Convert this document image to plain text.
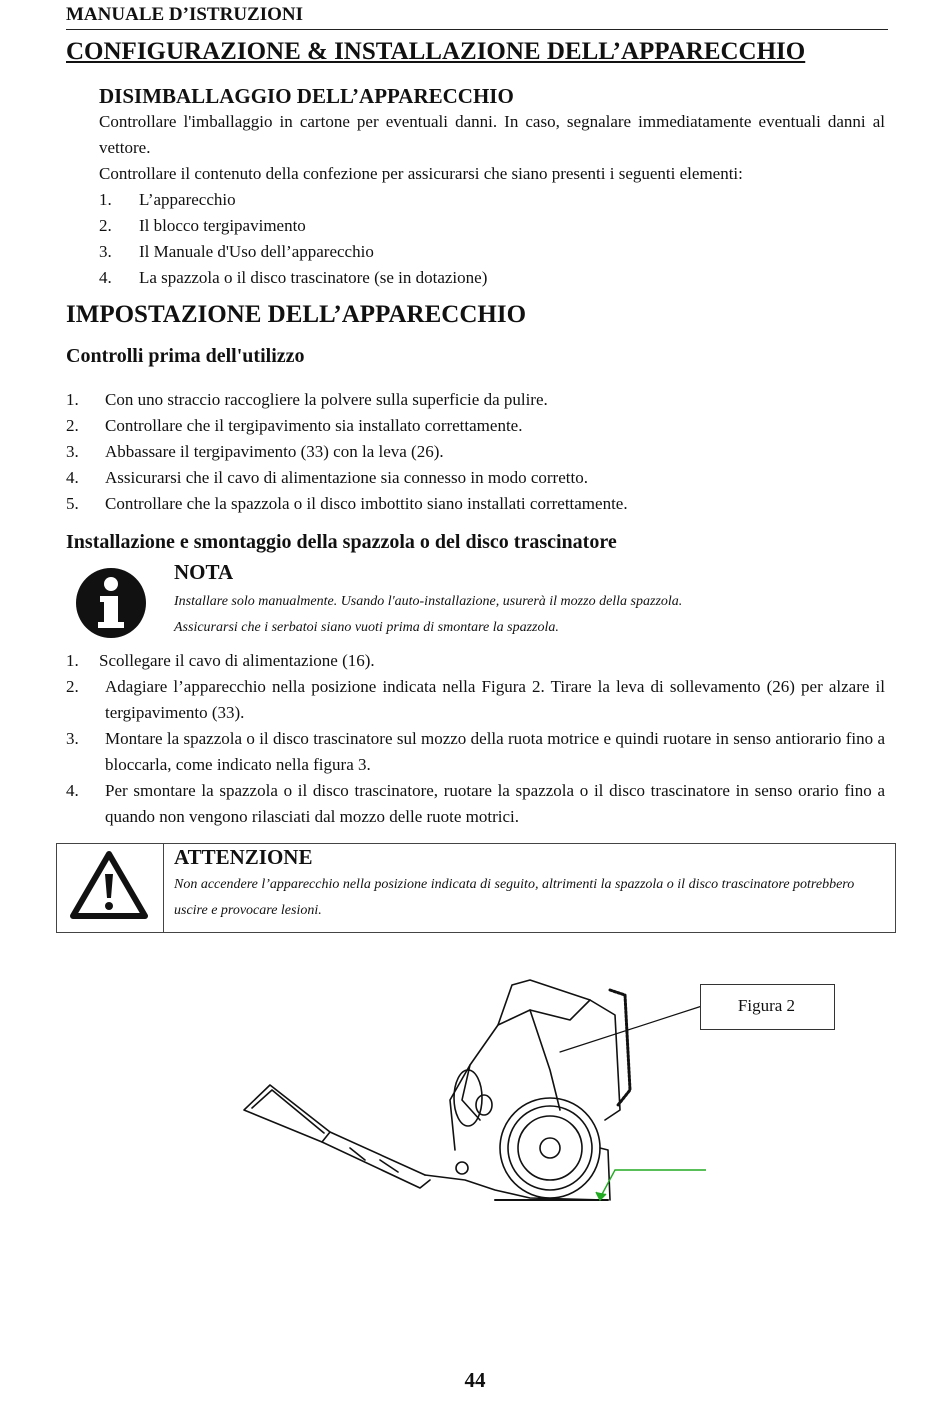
MANUALE D’ISTRUZIONI
CONFIGURAZIONE & INSTALLAZIONE DELL’APPARECCHIO
DISIMBALLAGGIO DELL’APPARECCHIO
Controllare l'imballaggio in cartone per eventuali danni. In caso, segnalare immediatamente eventuali danni al vettore.
Controllare il contenuto della confezione per assicurarsi che siano presenti i seguenti elementi:
1.	L’apparecchio
2.	Il blocco tergipavimento
3.	Il Manuale d'Uso dell’apparecchio
4.	La spazzola o il disco trascinatore (se in dotazione)
IMPOSTAZIONE DELL’APPARECCHIO
Controlli prima dell'utilizzo
1.	Con uno straccio raccogliere la polvere sulla superficie da pulire.
2.	Controllare che il tergipavimento sia installato correttamente.
3.	Abbassare il tergipavimento (33) con la leva (26).
4.	Assicurarsi che il cavo di alimentazione sia connesso in modo corretto.
5.	Controllare che la spazzola o il disco imbottito siano installati correttamente.
Installazione e smontaggio della spazzola o del disco trascinatore
NOTA
Installare solo manualmente. Usando l'auto-installazione, usurerà il mozzo della spazzola.
Assicurarsi che i serbatoi siano vuoti prima di smontare la spazzola.
1.	Scollegare il cavo di alimentazione (16).
2.	Adagiare l’apparecchio nella posizione indicata nella Figura 2. Tirare la leva di sollevamento (26) per alzare il tergipavimento (33).
3.	Montare la spazzola o il disco trascinatore sul mozzo della ruota motrice e quindi ruotare in senso antiorario fino a bloccarla, come indicato nella figura 3.
4.	Per smontare la spazzola o il disco trascinatore, ruotare la spazzola o il disco trascinatore in senso orario fino a quando non vengono rilasciati dal mozzo delle ruote motrici.
ATTENZIONE
Non accendere l’apparecchio nella posizione indicata di seguito, altrimenti la spazzola o il disco trascinatore potrebbero uscire e provocare lesioni.
Figura 2
44
